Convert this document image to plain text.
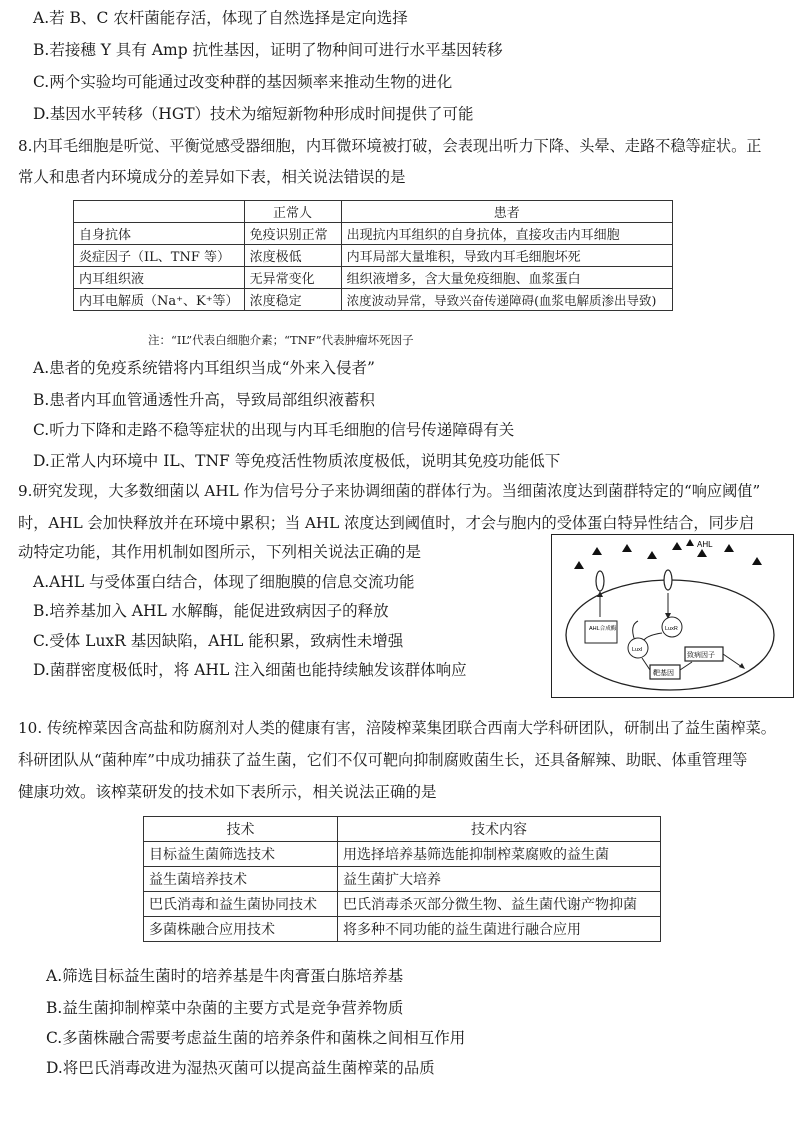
A.若 B、C 农杆菌能存活，体现了自然选择是定向选择
B.若接穗 Y 具有 Amp 抗性基因，证明了物种间可进行水平基因转移
C.两个实验均可能通过改变种群的基因频率来推动生物的进化
D.基因水平转移（HGT）技术为缩短新物种形成时间提供了可能
8.内耳毛细胞是听觉、平衡觉感受器细胞，内耳微环境被打破，会表现出听力下降、头晕、走路不稳等症状。正
常人和患者内环境成分的差异如下表，相关说法错误的是
	正常人	患者
自身抗体	免疫识别正常	出现抗内耳组织的自身抗体，直接攻击内耳细胞
炎症因子（IL、TNF 等）	浓度极低	内耳局部大量堆积，导致内耳毛细胞坏死
内耳组织液	无异常变化	组织液增多，含大量免疫细胞、血浆蛋白
内耳电解质（Na⁺、K⁺等）	浓度稳定	浓度波动异常，导致兴奋传递障碍(血浆电解质渗出导致)
注：“IL”代表白细胞介素；“TNF”代表肿瘤坏死因子
A.患者的免疫系统错将内耳组织当成“外来入侵者”
B.患者内耳血管通透性升高，导致局部组织液蓄积
C.听力下降和走路不稳等症状的出现与内耳毛细胞的信号传递障碍有关
D.正常人内环境中 IL、TNF 等免疫活性物质浓度极低，说明其免疫功能低下
9.研究发现，大多数细菌以 AHL 作为信号分子来协调细菌的群体行为。当细菌浓度达到菌群特定的“响应阈值”
时，AHL 会加快释放并在环境中累积；当 AHL 浓度达到阈值时，才会与胞内的受体蛋白特异性结合，同步启
动特定功能，其作用机制如图所示，下列相关说法正确的是
A.AHL 与受体蛋白结合，体现了细胞膜的信息交流功能
B.培养基加入 AHL 水解酶，能促进致病因子的释放
C.受体 LuxR 基因缺陷，AHL 能积累，致病性未增强
D.菌群密度极低时，将 AHL 注入细菌也能持续触发该群体响应
AHL
AHL合成酶	LuxR
LuxI
靶基因
致病因子
10. 传统榨菜因含高盐和防腐剂对人类的健康有害，涪陵榨菜集团联合西南大学科研团队，研制出了益生菌榨菜。
科研团队从“菌种库”中成功捕获了益生菌，它们不仅可靶向抑制腐败菌生长，还具备解辣、助眠、体重管理等
健康功效。该榨菜研发的技术如下表所示，相关说法正确的是
技术	技术内容
目标益生菌筛选技术	用选择培养基筛选能抑制榨菜腐败的益生菌
益生菌培养技术	益生菌扩大培养
巴氏消毒和益生菌协同技术	巴氏消毒杀灭部分微生物、益生菌代谢产物抑菌
多菌株融合应用技术	将多种不同功能的益生菌进行融合应用
A.筛选目标益生菌时的培养基是牛肉膏蛋白胨培养基
B.益生菌抑制榨菜中杂菌的主要方式是竞争营养物质
C.多菌株融合需要考虑益生菌的培养条件和菌株之间相互作用
D.将巴氏消毒改进为湿热灭菌可以提高益生菌榨菜的品质
